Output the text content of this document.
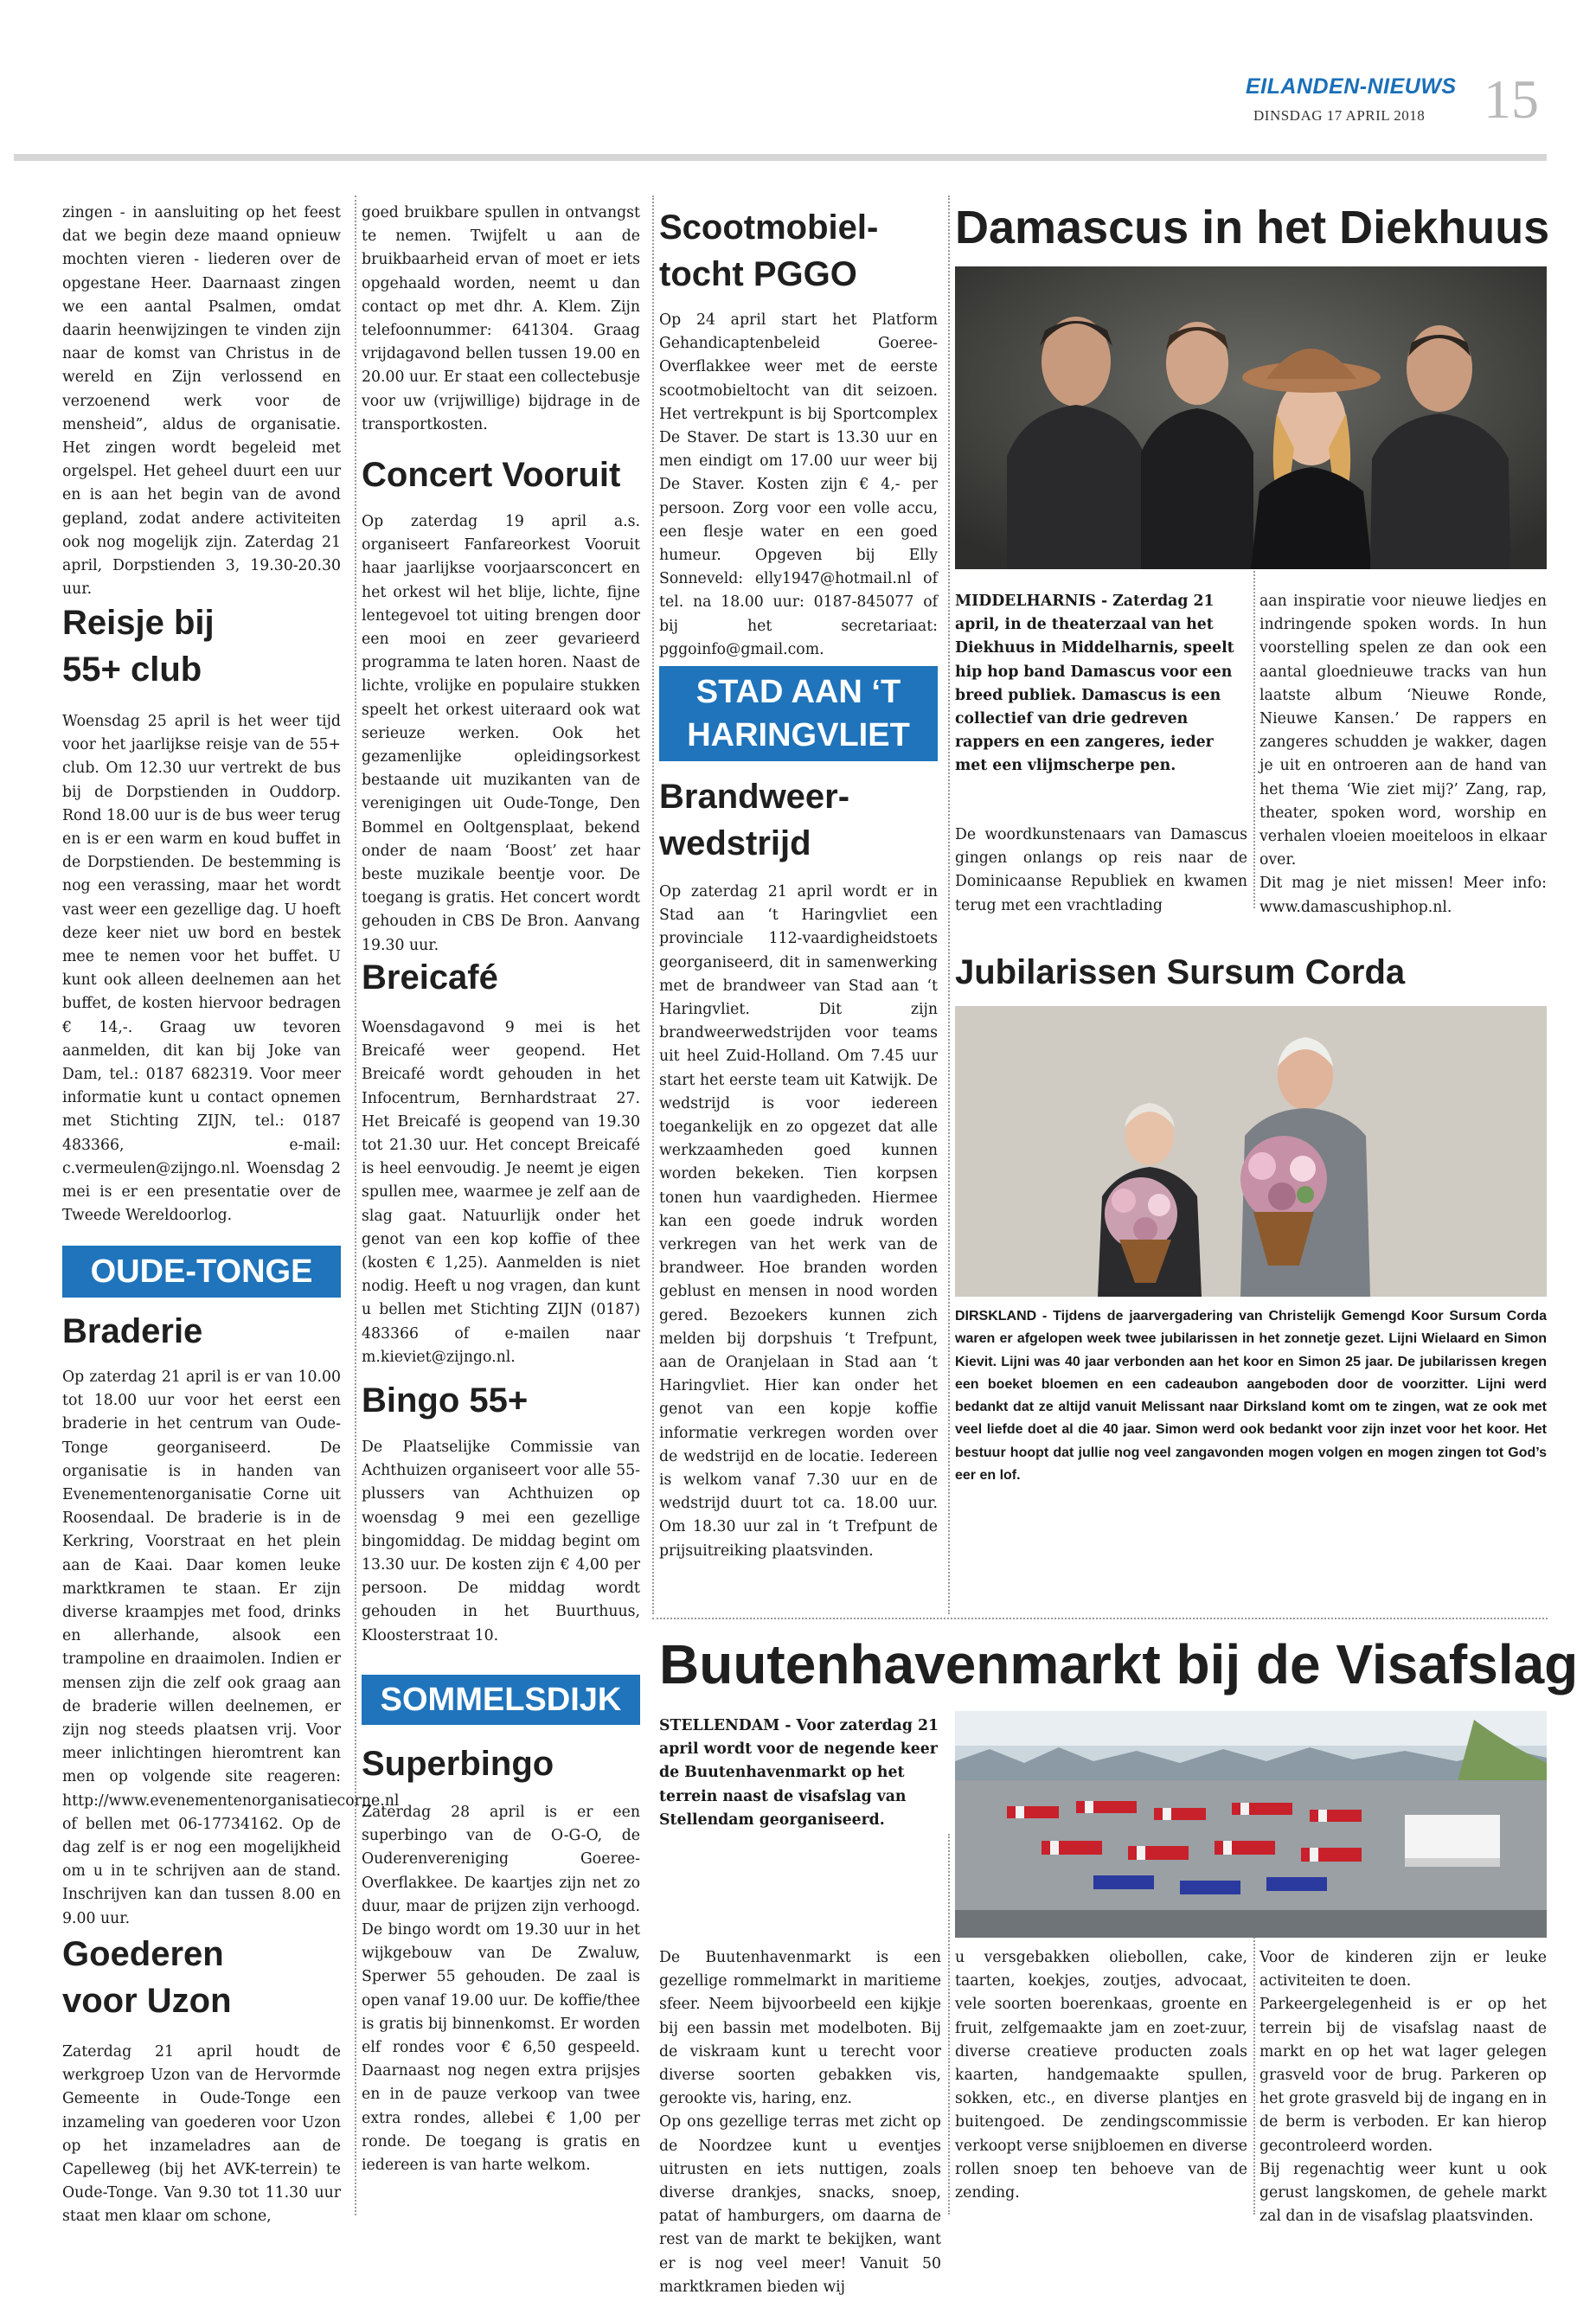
EILANDEN-NIEUWS
DINSDAG 17 APRIL 2018 15
zingen - in aansluiting op het feest dat we begin deze maand opnieuw mochten vieren - liederen over de opgestane Heer. Daarnaast zingen we een aantal Psalmen, omdat daarin heenwijzingen te vinden zijn naar de komst van Christus in de wereld en Zijn verlossend en verzoenend werk voor de mensheid”, aldus de organisatie. Het zingen wordt begeleid met orgelspel. Het geheel duurt een uur en is aan het begin van de avond gepland, zodat andere activiteiten ook nog mogelijk zijn. Zaterdag 21 april, Dorpstienden 3, 19.30-20.30 uur.
Reisje bij
55+ club
Woensdag 25 april is het weer tijd voor het jaarlijkse reisje van de 55+ club. Om 12.30 uur vertrekt de bus bij de Dorpstienden in Ouddorp. Rond 18.00 uur is de bus weer terug en is er een warm en koud buffet in de Dorpstienden. De bestemming is nog een verassing, maar het wordt vast weer een gezellige dag. U hoeft deze keer niet uw bord en bestek mee te nemen voor het buffet. U kunt ook alleen deelnemen aan het buffet, de kosten hiervoor bedragen € 14,-. Graag uw tevoren aanmelden, dit kan bij Joke van Dam, tel.: 0187 682319. Voor meer informatie kunt u contact opnemen met Stichting ZIJN, tel.: 0187 483366, e-mail: c.vermeulen@zijngo.nl. Woensdag 2 mei is er een presentatie over de Tweede Wereldoorlog.
OUDE-TONGE
Braderie
Op zaterdag 21 april is er van 10.00 tot 18.00 uur voor het eerst een braderie in het centrum van Oude-Tonge georganiseerd. De organisatie is in handen van Evenementenorganisatie Corne uit Roosendaal. De braderie is in de Kerkring, Voorstraat en het plein aan de Kaai. Daar komen leuke marktkramen te staan. Er zijn diverse kraampjes met food, drinks en allerhande, alsook een trampoline en draaimolen. Indien er mensen zijn die zelf ook graag aan de braderie willen deelnemen, er zijn nog steeds plaatsen vrij. Voor meer inlichtingen hieromtrent kan men op volgende site reageren: http://www.evenementenorganisatiecorne.nl of bellen met 06-17734162. Op de dag zelf is er nog een mogelijkheid om u in te schrijven aan de stand. Inschrijven kan dan tussen 8.00 en 9.00 uur.
Goederen
voor Uzon
Zaterdag 21 april houdt de werkgroep Uzon van de Hervormde Gemeente in Oude-Tonge een inzameling van goederen voor Uzon op het inzameladres aan de Capelleweg (bij het AVK-terrein) te Oude-Tonge. Van 9.30 tot 11.30 uur staat men klaar om schone,
goed bruikbare spullen in ontvangst te nemen. Twijfelt u aan de bruikbaarheid ervan of moet er iets opgehaald worden, neemt u dan contact op met dhr. A. Klem. Zijn telefoonnummer: 641304. Graag vrijdagavond bellen tussen 19.00 en 20.00 uur. Er staat een collectebusje voor uw (vrijwillige) bijdrage in de transportkosten.
Concert Vooruit
Op zaterdag 19 april a.s. organiseert Fanfareorkest Vooruit haar jaarlijkse voorjaarsconcert en het orkest wil het blije, lichte, fijne lentegevoel tot uiting brengen door een mooi en zeer gevarieerd programma te laten horen. Naast de lichte, vrolijke en populaire stukken speelt het orkest uiteraard ook wat serieuze werken. Ook het gezamenlijke opleidingsorkest bestaande uit muzikanten van de verenigingen uit Oude-Tonge, Den Bommel en Ooltgensplaat, bekend onder de naam ‘Boost’ zet haar beste muzikale beentje voor. De toegang is gratis. Het concert wordt gehouden in CBS De Bron. Aanvang 19.30 uur.
Breicafé
Woensdagavond 9 mei is het Breicafé weer geopend. Het Breicafé wordt gehouden in het Infocentrum, Bernhardstraat 27. Het Breicafé is geopend van 19.30 tot 21.30 uur. Het concept Breicafé is heel eenvoudig. Je neemt je eigen spullen mee, waarmee je zelf aan de slag gaat. Natuurlijk onder het genot van een kop koffie of thee (kosten € 1,25). Aanmelden is niet nodig. Heeft u nog vragen, dan kunt u bellen met Stichting ZIJN (0187) 483366 of e-mailen naar m.kieviet@zijngo.nl.
Bingo 55+
De Plaatselijke Commissie van Achthuizen organiseert voor alle 55-plussers van Achthuizen op woensdag 9 mei een gezellige bingomiddag. De middag begint om 13.30 uur. De kosten zijn € 4,00 per persoon. De middag wordt gehouden in het Buurthuus, Kloosterstraat 10.
SOMMELSDIJK
Superbingo
Zaterdag 28 april is er een superbingo van de O-G-O, de Ouderenvereniging Goeree-Overflakkee. De kaartjes zijn net zo duur, maar de prijzen zijn verhoogd. De bingo wordt om 19.30 uur in het wijkgebouw van De Zwaluw, Sperwer 55 gehouden. De zaal is open vanaf 19.00 uur. De koffie/thee is gratis bij binnenkomst. Er worden elf rondes voor € 6,50 gespeeld. Daarnaast nog negen extra prijsjes en in de pauze verkoop van twee extra rondes, allebei € 1,00 per ronde. De toegang is gratis en iedereen is van harte welkom.
Scootmobiel-
tocht PGGO
Op 24 april start het Platform Gehandicaptenbeleid Goeree-Overflakkee weer met de eerste scootmobieltocht van dit seizoen. Het vertrekpunt is bij Sportcomplex De Staver. De start is 13.30 uur en men eindigt om 17.00 uur weer bij De Staver. Kosten zijn € 4,- per persoon. Zorg voor een volle accu, een flesje water en een goed humeur. Opgeven bij Elly Sonneveld: elly1947@hotmail.nl of tel. na 18.00 uur: 0187-845077 of bij het secretariaat: pggoinfo@gmail.com.
STAD AAN ‘T
HARINGVLIET
Brandweer-
wedstrijd
Op zaterdag 21 april wordt er in Stad aan ‘t Haringvliet een provinciale 112-vaardigheidstoets georganiseerd, dit in samenwerking met de brandweer van Stad aan ‘t Haringvliet. Dit zijn brandweerwedstrijden voor teams uit heel Zuid-Holland. Om 7.45 uur start het eerste team uit Katwijk. De wedstrijd is voor iedereen toegankelijk en zo opgezet dat alle werkzaamheden goed kunnen worden bekeken. Tien korpsen tonen hun vaardigheden. Hiermee kan een goede indruk worden verkregen van het werk van de brandweer. Hoe branden worden geblust en mensen in nood worden gered. Bezoekers kunnen zich melden bij dorpshuis ‘t Trefpunt, aan de Oranjelaan in Stad aan ‘t Haringvliet. Hier kan onder het genot van een kopje koffie informatie verkregen worden over de wedstrijd en de locatie. Iedereen is welkom vanaf 7.30 uur en de wedstrijd duurt tot ca. 18.00 uur. Om 18.30 uur zal in ‘t Trefpunt de prijsuitreiking plaatsvinden.
Damascus in het Diekhuus
MIDDELHARNIS - Zaterdag 21 april, in de theaterzaal van het Diekhuus in Middelharnis, speelt hip hop band Damascus voor een breed publiek. Damascus is een collectief van drie gedreven rappers en een zangeres, ieder met een vlijmscherpe pen.
De woordkunstenaars van Damascus gingen onlangs op reis naar de Dominicaanse Republiek en kwamen terug met een vrachtlading
aan inspiratie voor nieuwe liedjes en indringende spoken words. In hun voorstelling spelen ze dan ook een aantal gloednieuwe tracks van hun laatste album ‘Nieuwe Ronde, Nieuwe Kansen.’ De rappers en zangeres schudden je wakker, dagen je uit en ontroeren aan de hand van het thema ‘Wie ziet mij?’ Zang, rap, theater, spoken word, worship en verhalen vloeien moeiteloos in elkaar over.
Dit mag je niet missen! Meer info: www.damascushiphop.nl.
Jubilarissen Sursum Corda
DIRSKLAND - Tijdens de jaarvergadering van Christelijk Gemengd Koor Sursum Corda waren er afgelopen week twee jubilarissen in het zonnetje gezet. Lijni Wielaard en Simon Kievit. Lijni was 40 jaar verbonden aan het koor en Simon 25 jaar. De jubilarissen kregen een boeket bloemen en een cadeaubon aangeboden door de voorzitter. Lijni werd bedankt dat ze altijd vanuit Melissant naar Dirksland komt om te zingen, wat ze ook met veel liefde doet al die 40 jaar. Simon werd ook bedankt voor zijn inzet voor het koor. Het bestuur hoopt dat jullie nog veel zangavonden mogen volgen en mogen zingen tot God’s eer en lof.
Buutenhavenmarkt bij de Visafslag
STELLENDAM - Voor zaterdag 21 april wordt voor de negende keer de Buutenhavenmarkt op het terrein naast de visafslag van Stellendam georganiseerd.
De Buutenhavenmarkt is een gezellige rommelmarkt in maritieme sfeer. Neem bijvoorbeeld een kijkje bij een bassin met modelboten. Bij de viskraam kunt u terecht voor diverse soorten gebakken vis, gerookte vis, haring, enz.
Op ons gezellige terras met zicht op de Noordzee kunt u eventjes uitrusten en iets nuttigen, zoals diverse drankjes, snacks, snoep, patat of hamburgers, om daarna de rest van de markt te bekijken, want er is nog veel meer! Vanuit 50 marktkramen bieden wij
u versgebakken oliebollen, cake, taarten, koekjes, zoutjes, advocaat, vele soorten boerenkaas, groente en fruit, zelfgemaakte jam en zoet-zuur, diverse creatieve producten zoals kaarten, handgemaakte spullen, sokken, etc., en diverse plantjes en buitengoed. De zendingscommissie verkoopt verse snijbloemen en diverse rollen snoep ten behoeve van de zending.
Voor de kinderen zijn er leuke activiteiten te doen.
Parkeergelegenheid is er op het terrein bij de visafslag naast de markt en op het wat lager gelegen grasveld voor de brug. Parkeren op het grote grasveld bij de ingang en in de berm is verboden. Er kan hierop gecontroleerd worden.
Bij regenachtig weer kunt u ook gerust langskomen, de gehele markt zal dan in de visafslag plaatsvinden.
